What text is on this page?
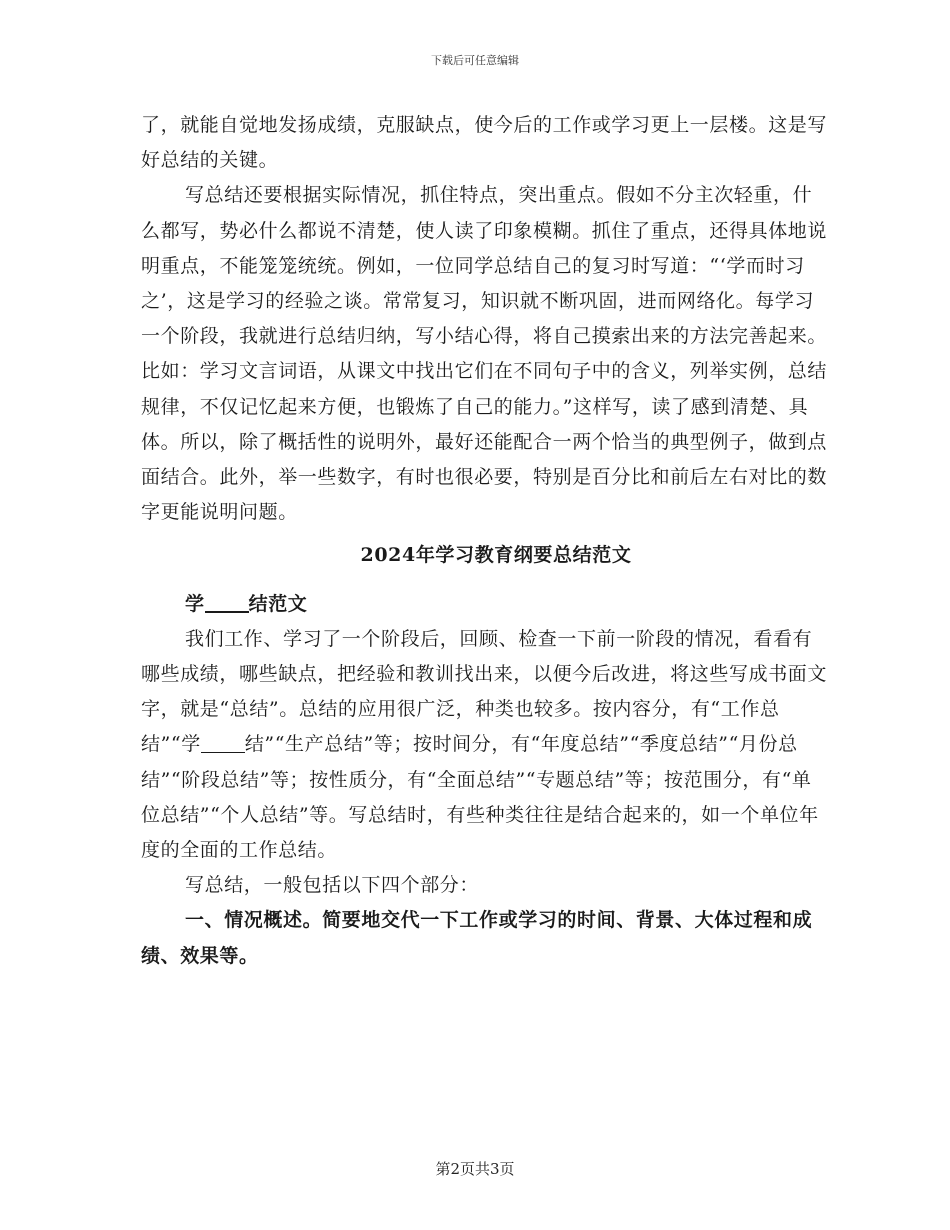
下载后可任意编辑

了，就能自觉地发扬成绩，克服缺点，使今后的工作或学习更上一层楼。这是写好总结的关键。

写总结还要根据实际情况，抓住特点，突出重点。假如不分主次轻重，什么都写，势必什么都说不清楚，使人读了印象模糊。抓住了重点，还得具体地说明重点，不能笼笼统统。例如，一位同学总结自己的复习时写道：“‘学而时习之’，这是学习的经验之谈。常常复习，知识就不断巩固，进而网络化。每学习一个阶段，我就进行总结归纳，写小结心得，将自己摸索出来的方法完善起来。比如：学习文言词语，从课文中找出它们在不同句子中的含义，列举实例，总结规律，不仅记忆起来方便，也锻炼了自己的能力。”这样写，读了感到清楚、具体。所以，除了概括性的说明外，最好还能配合一两个恰当的典型例子，做到点面结合。此外，举一些数字，有时也很必要，特别是百分比和前后左右对比的数字更能说明问题。

2024年学习教育纲要总结范文

学 结范文

我们工作、学习了一个阶段后，回顾、检查一下前一阶段的情况，看看有哪些成绩，哪些缺点，把经验和教训找出来，以便今后改进，将这些写成书面文字，就是“总结”。总结的应用很广泛，种类也较多。按内容分，有“工作总结”“学 结”“生产总结”等；按时间分，有“年度总结”“季度总结”“月份总结”“阶段总结”等；按性质分，有“全面总结”“专题总结”等；按范围分，有“单位总结”“个人总结”等。写总结时，有些种类往往是结合起来的，如一个单位年度的全面的工作总结。

写总结，一般包括以下四个部分：

一、情况概述。简要地交代一下工作或学习的时间、背景、大体过程和成绩、效果等。

第2页共3页
